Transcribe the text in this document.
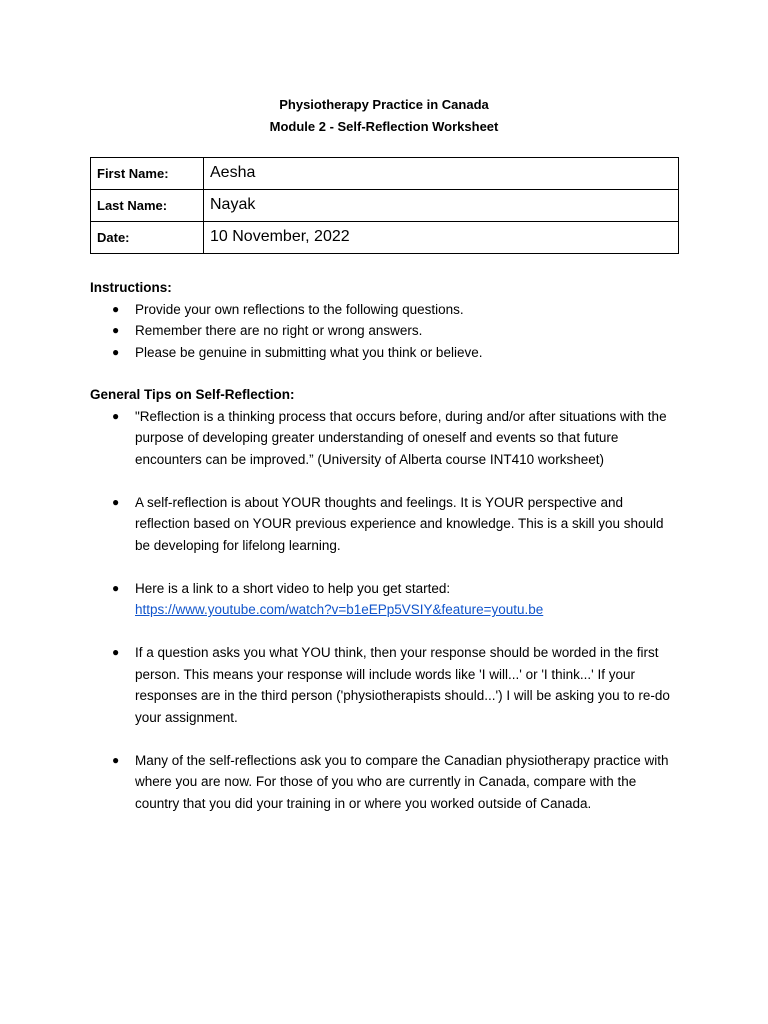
Physiotherapy Practice in Canada
Module 2 - Self-Reflection Worksheet
First Name:	Aesha
Last Name:	Nayak
Date:	10 November, 2022
Instructions:
● Provide your own reflections to the following questions.
● Remember there are no right or wrong answers.
● Please be genuine in submitting what you think or believe.
General Tips on Self-Reflection:
● "Reflection is a thinking process that occurs before, during and/or after situations with the purpose of developing greater understanding of oneself and events so that future encounters can be improved.” (University of Alberta course INT410 worksheet)
● A self-reflection is about YOUR thoughts and feelings. It is YOUR perspective and reflection based on YOUR previous experience and knowledge. This is a skill you should be developing for lifelong learning.
● Here is a link to a short video to help you get started:
https://www.youtube.com/watch?v=b1eEPp5VSIY&feature=youtu.be
● If a question asks you what YOU think, then your response should be worded in the first person. This means your response will include words like 'I will...' or 'I think...' If your responses are in the third person ('physiotherapists should...') I will be asking you to re-do your assignment.
● Many of the self-reflections ask you to compare the Canadian physiotherapy practice with where you are now. For those of you who are currently in Canada, compare with the country that you did your training in or where you worked outside of Canada.
